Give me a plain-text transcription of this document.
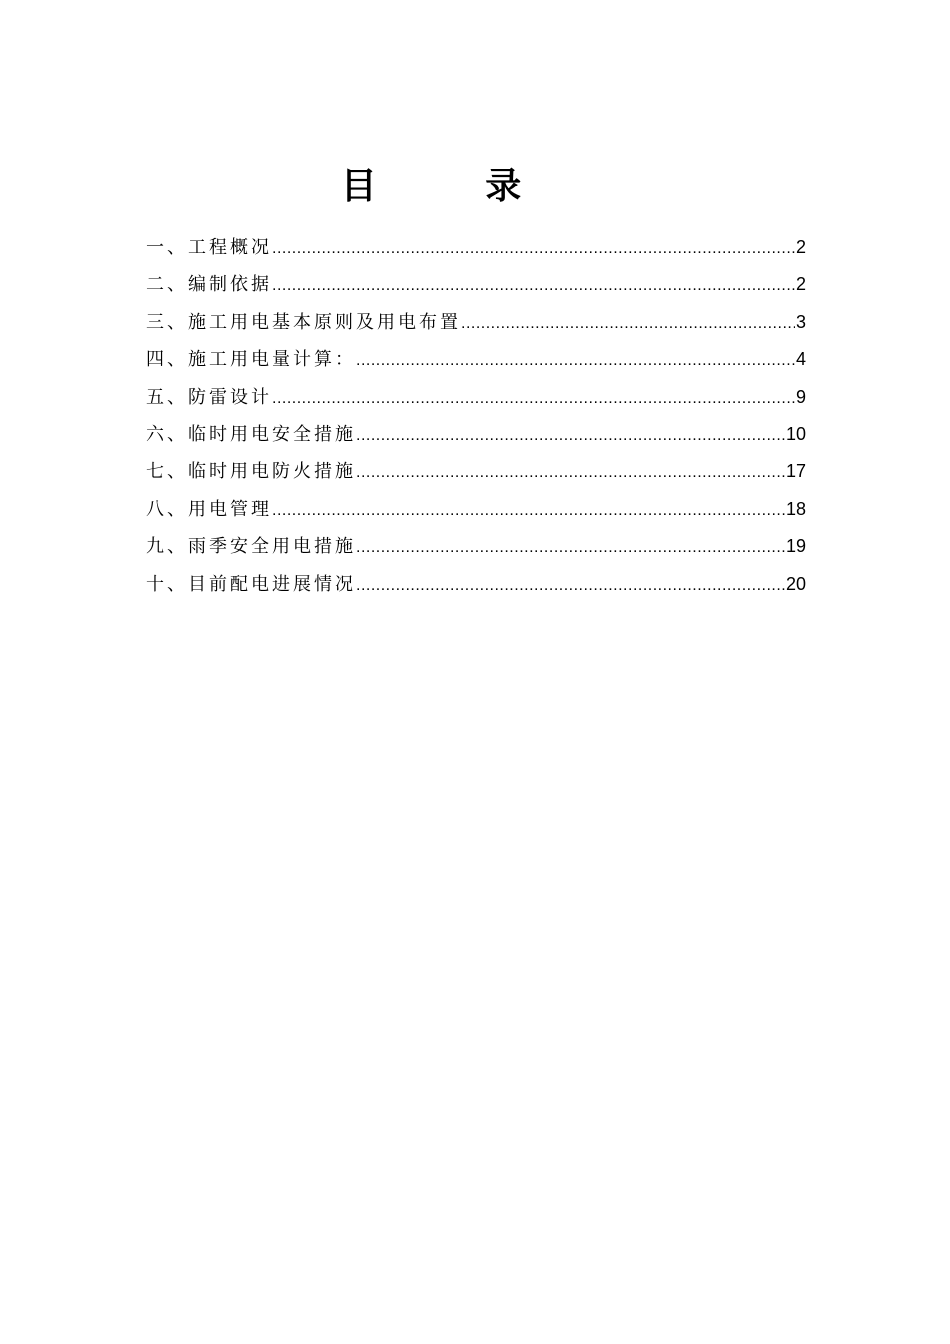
目 录
一、工程概况 .....	2
二、编制依据 .....	2
三、施工用电基本原则及用电布置 .....	3
四、施工用电量计算： .....	4
五、防雷设计 .....	9
六、临时用电安全措施 .....	10
七、临时用电防火措施 .....	17
八、用电管理 .....	18
九、雨季安全用电措施 .....	19
十、目前配电进展情况 .....	20
